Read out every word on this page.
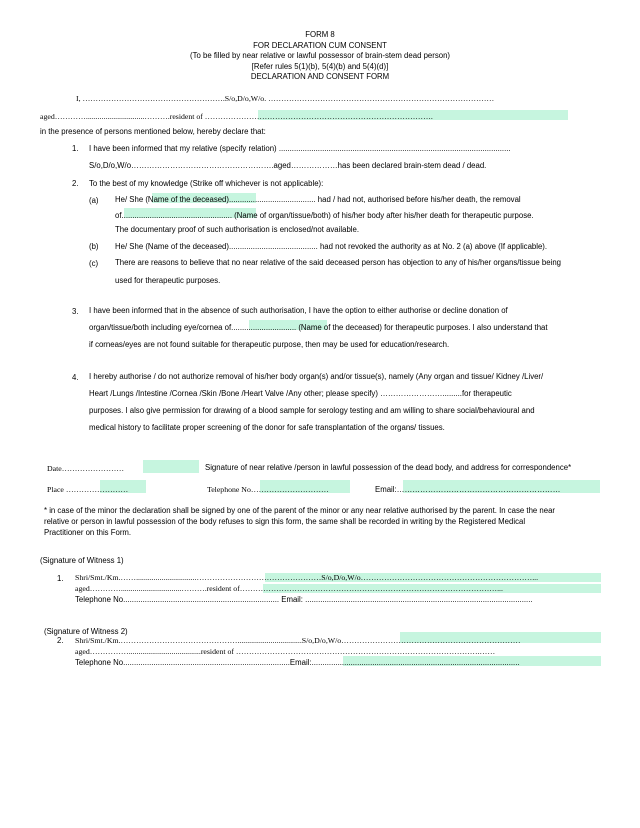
FORM 8
FOR DECLARATION CUM CONSENT
(To be filled by near relative or lawful possessor of brain-stem dead person)
[Refer rules 5(1)(b), 5(4)(b) and 5(4)(d)]
DECLARATION AND CONSENT FORM
I, ……………………………………………….S/o,D/o,W/o. ……………………………………………………………………………
aged…………..............................……….resident of …………………………………………………………………………….
in the presence of persons mentioned below, hereby declare that:
1. I have been informed that my relative (specify relation) ...........................................................................................................
S/o,D/o,W/o……………………………………………….aged………………has been declared brain-stem dead / dead.
2. To the best of my knowledge (Strike off whichever is not applicable):
(a) He/ She (Name of the deceased)........................................ had / had not, authorised before his/her death, the removal
of................................................... (Name of organ/tissue/both) of his/her body after his/her death for therapeutic purpose.
The documentary proof of such authorisation is enclosed/not available.
(b) He/ She (Name of the deceased)......................................... had not revoked the authority as at No. 2 (a) above (If applicable).
(c) There are reasons to believe that no near relative of the said deceased person has objection to any of his/her organs/tissue being
used for therapeutic purposes.
3. I have been informed that in the absence of such authorisation, I have the option to either authorise or decline donation of
organ/tissue/both including eye/cornea of.............................. (Name of the deceased) for therapeutic purposes. I also understand that
if corneas/eyes are not found suitable for therapeutic purpose, then may be used for education/research.
4. I hereby authorise / do not authorize removal of his/her body organ(s) and/or tissue(s), namely (Any organ and tissue/ Kidney /Liver/
Heart /Lungs /Intestine /Cornea /Skin /Bone /Heart Valve /Any other; please specify) …………………….........for therapeutic
purposes. I also give permission for drawing of a blood sample for serology testing and am willing to share social/behavioural and
medical history to facilitate proper screening of the donor for safe transplantation of the organs/ tissues.
Date……………………	Signature of near relative /person in lawful possession of the dead body, and address for correspondence*
Place ……………………	Telephone No…………………………	Email:………………………………………………………
* in case of the minor the declaration shall be signed by one of the parent of the minor or any near relative authorised by the parent. In case the near
relative or person in lawful possession of the body refuses to sign this form, the same shall be recorded in writing by the Registered Medical
Practitioner on this Form.
(Signature of Witness 1)
1. Shri/Smt./Km.……...............................…………………………………………S/o,D/o,W/o…………………………………………………………...
aged…………...............................……….resident of………………………………………………………………………………………...
Telephone No........................................................................ Email: .........................................................................................................
(Signature of Witness 2)
2. Shri/Smt./Km.……………………………………….................................S/o,D/o,W/o……………………………………………………………
aged…………….....................................resident of ………………………………………………………………………………….……
Telephone No.............................................................................Email:................................................................................................
